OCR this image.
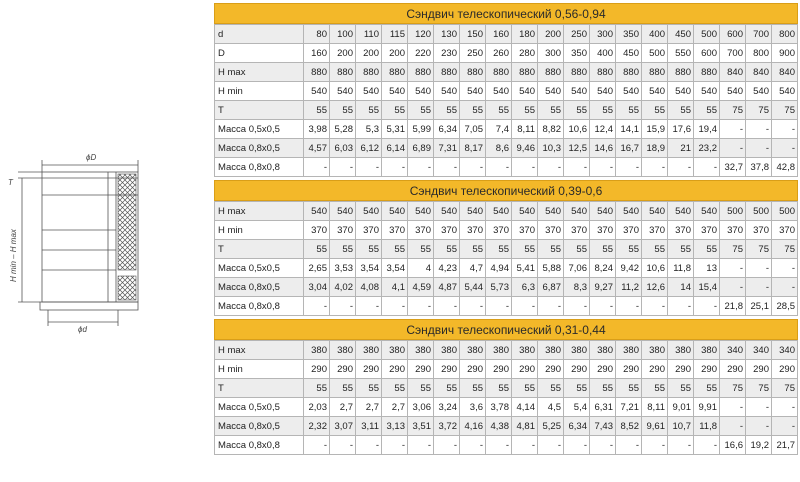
ϕD
ϕd
T
H min – H max
Сэндвич телескопический 0,56-0,94
d	80	100	110	115	120	130	150	160	180	200	250	300	350	400	450	500	600	700	800
D	160	200	200	200	220	230	250	260	280	300	350	400	450	500	550	600	700	800	900
H max	880	880	880	880	880	880	880	880	880	880	880	880	880	880	880	880	840	840	840
H min	540	540	540	540	540	540	540	540	540	540	540	540	540	540	540	540	540	540	540
T	55	55	55	55	55	55	55	55	55	55	55	55	55	55	55	55	75	75	75
Масса 0,5х0,5	3,98	5,28	5,3	5,31	5,99	6,34	7,05	7,4	8,11	8,82	10,6	12,4	14,1	15,9	17,6	19,4	-	-	-
Масса 0,8х0,5	4,57	6,03	6,12	6,14	6,89	7,31	8,17	8,6	9,46	10,3	12,5	14,6	16,7	18,9	21	23,2	-	-	-
Масса 0,8х0,8	-	-	-	-	-	-	-	-	-	-	-	-	-	-	-	-	32,7	37,8	42,8
Сэндвич телескопический 0,39-0,6
H max	540	540	540	540	540	540	540	540	540	540	540	540	540	540	540	540	500	500	500
H min	370	370	370	370	370	370	370	370	370	370	370	370	370	370	370	370	370	370	370
T	55	55	55	55	55	55	55	55	55	55	55	55	55	55	55	55	75	75	75
Масса 0,5х0,5	2,65	3,53	3,54	3,54	4	4,23	4,7	4,94	5,41	5,88	7,06	8,24	9,42	10,6	11,8	13	-	-	-
Масса 0,8х0,5	3,04	4,02	4,08	4,1	4,59	4,87	5,44	5,73	6,3	6,87	8,3	9,27	11,2	12,6	14	15,4	-	-	-
Масса 0,8х0,8	-	-	-	-	-	-	-	-	-	-	-	-	-	-	-	-	21,8	25,1	28,5
Сэндвич телескопический 0,31-0,44
H max	380	380	380	380	380	380	380	380	380	380	380	380	380	380	380	380	340	340	340
H min	290	290	290	290	290	290	290	290	290	290	290	290	290	290	290	290	290	290	290
T	55	55	55	55	55	55	55	55	55	55	55	55	55	55	55	55	75	75	75
Масса 0,5х0,5	2,03	2,7	2,7	2,7	3,06	3,24	3,6	3,78	4,14	4,5	5,4	6,31	7,21	8,11	9,01	9,91	-	-	-
Масса 0,8х0,5	2,32	3,07	3,11	3,13	3,51	3,72	4,16	4,38	4,81	5,25	6,34	7,43	8,52	9,61	10,7	11,8	-	-	-
Масса 0,8х0,8	-	-	-	-	-	-	-	-	-	-	-	-	-	-	-	-	16,6	19,2	21,7
